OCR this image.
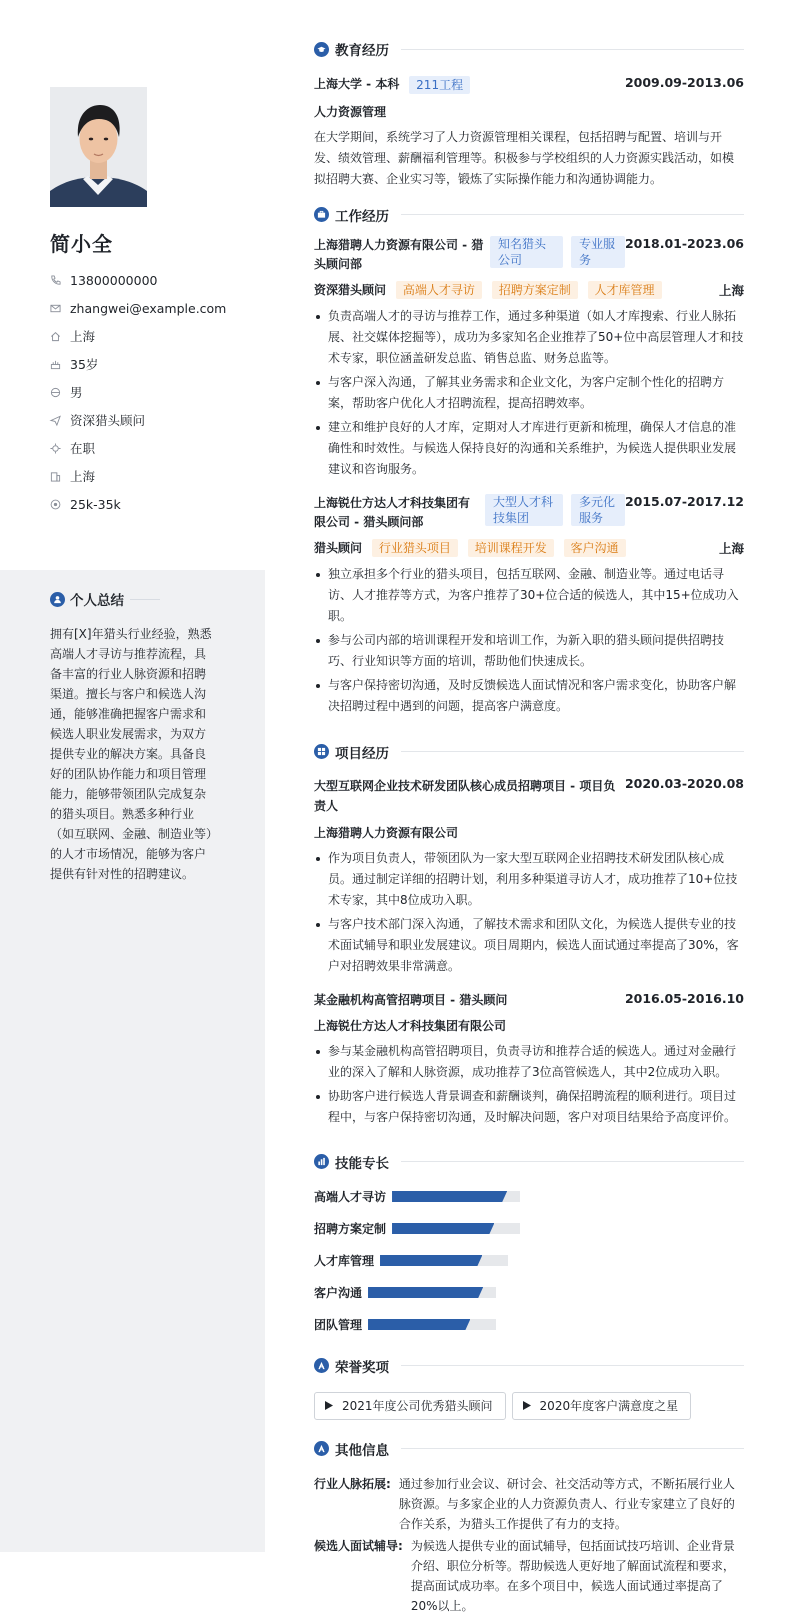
简小全
13800000000
zhangwei@example.com
上海
35岁
男
资深猎头顾问
在职
上海
25k-35k
个人总结
拥有[X]年猎头行业经验，熟悉高端人才寻访与推荐流程，具备丰富的行业人脉资源和招聘渠道。擅长与客户和候选人沟通，能够准确把握客户需求和候选人职业发展需求，为双方提供专业的解决方案。具备良好的团队协作能力和项目管理能力，能够带领团队完成复杂的猎头项目。熟悉多种行业（如互联网、金融、制造业等）的人才市场情况，能够为客户提供有针对性的招聘建议。
教育经历
上海大学 - 本科 211工程	2009.09-2013.06
人力资源管理
在大学期间，系统学习了人力资源管理相关课程，包括招聘与配置、培训与开发、绩效管理、薪酬福利管理等。积极参与学校组织的人力资源实践活动，如模拟招聘大赛、企业实习等，锻炼了实际操作能力和沟通协调能力。
工作经历
上海猎聘人力资源有限公司 - 猎头顾问部
知名猎头公司
专业服务
2018.01-2023.06
资深猎头顾问 高端人才寻访 招聘方案定制 人才库管理	上海
负责高端人才的寻访与推荐工作，通过多种渠道（如人才库搜索、行业人脉拓展、社交媒体挖掘等），成功为多家知名企业推荐了50+位中高层管理人才和技术专家，职位涵盖研发总监、销售总监、财务总监等。
与客户深入沟通，了解其业务需求和企业文化，为客户定制个性化的招聘方案，帮助客户优化人才招聘流程，提高招聘效率。
建立和维护良好的人才库，定期对人才库进行更新和梳理，确保人才信息的准确性和时效性。与候选人保持良好的沟通和关系维护，为候选人提供职业发展建议和咨询服务。
上海锐仕方达人才科技集团有限公司 - 猎头顾问部
大型人才科技集团
多元化服务
2015.07-2017.12
猎头顾问 行业猎头项目 培训课程开发 客户沟通	上海
独立承担多个行业的猎头项目，包括互联网、金融、制造业等。通过电话寻访、人才推荐等方式，为客户推荐了30+位合适的候选人，其中15+位成功入职。
参与公司内部的培训课程开发和培训工作，为新入职的猎头顾问提供招聘技巧、行业知识等方面的培训，帮助他们快速成长。
与客户保持密切沟通，及时反馈候选人面试情况和客户需求变化，协助客户解决招聘过程中遇到的问题，提高客户满意度。
项目经历
大型互联网企业技术研发团队核心成员招聘项目 - 项目负责人
2020.03-2020.08
上海猎聘人力资源有限公司
作为项目负责人，带领团队为一家大型互联网企业招聘技术研发团队核心成员。通过制定详细的招聘计划，利用多种渠道寻访人才，成功推荐了10+位技术专家，其中8位成功入职。
与客户技术部门深入沟通，了解技术需求和团队文化，为候选人提供专业的技术面试辅导和职业发展建议。项目周期内，候选人面试通过率提高了30%，客户对招聘效果非常满意。
某金融机构高管招聘项目 - 猎头顾问	2016.05-2016.10
上海锐仕方达人才科技集团有限公司
参与某金融机构高管招聘项目，负责寻访和推荐合适的候选人。通过对金融行业的深入了解和人脉资源，成功推荐了3位高管候选人，其中2位成功入职。
协助客户进行候选人背景调查和薪酬谈判，确保招聘流程的顺利进行。项目过程中，与客户保持密切沟通，及时解决问题，客户对项目结果给予高度评价。
技能专长
高端人才寻访
招聘方案定制
人才库管理
客户沟通
团队管理
荣誉奖项
2021年度公司优秀猎头顾问	2020年度客户满意度之星
其他信息
行业人脉拓展: 通过参加行业会议、研讨会、社交活动等方式，不断拓展行业人脉资源。与多家企业的人力资源负责人、行业专家建立了良好的合作关系，为猎头工作提供了有力的支持。
候选人面试辅导: 为候选人提供专业的面试辅导，包括面试技巧培训、企业背景介绍、职位分析等。帮助候选人更好地了解面试流程和要求，提高面试成功率。在多个项目中，候选人面试通过率提高了20%以上。
